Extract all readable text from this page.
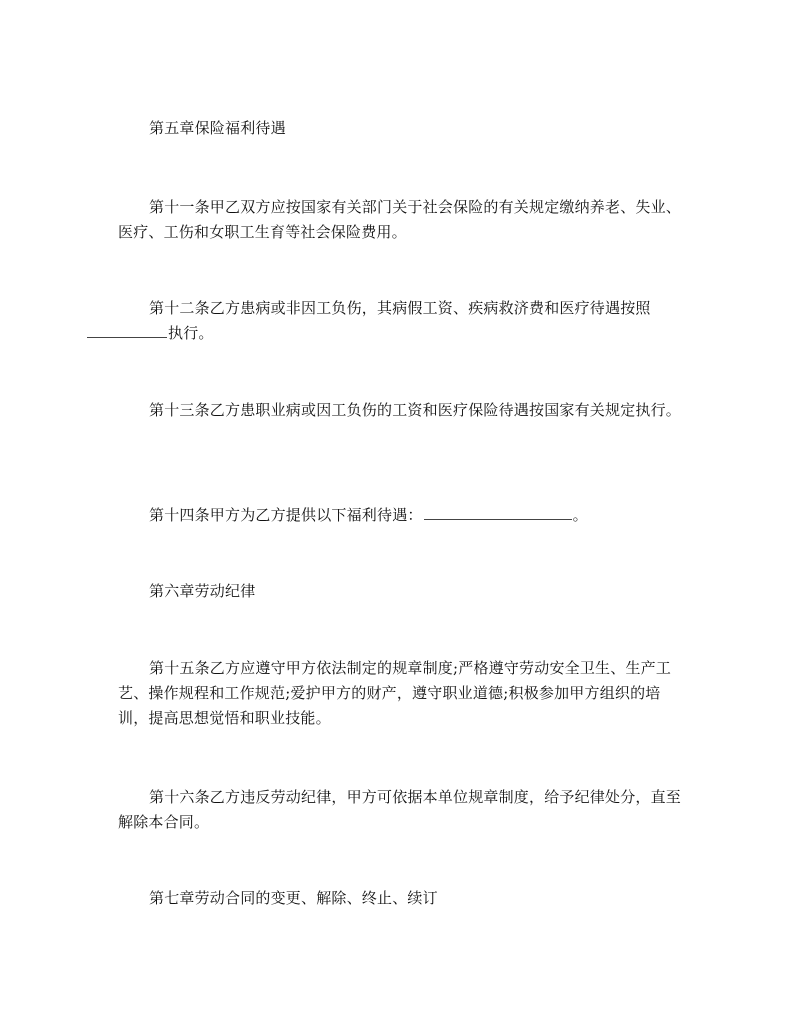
第五章保险福利待遇

第十一条甲乙双方应按国家有关部门关于社会保险的有关规定缴纳养老、失业、医疗、工伤和女职工生育等社会保险费用。

第十二条乙方患病或非因工负伤，其病假工资、疾病救济费和医疗待遇按照
执行。

第十三条乙方患职业病或因工负伤的工资和医疗保险待遇按国家有关规定执行。

第十四条甲方为乙方提供以下福利待遇：	。

第六章劳动纪律

第十五条乙方应遵守甲方依法制定的规章制度;严格遵守劳动安全卫生、生产工艺、操作规程和工作规范;爱护甲方的财产，遵守职业道德;积极参加甲方组织的培训，提高思想觉悟和职业技能。

第十六条乙方违反劳动纪律，甲方可依据本单位规章制度，给予纪律处分，直至解除本合同。

第七章劳动合同的变更、解除、终止、续订
